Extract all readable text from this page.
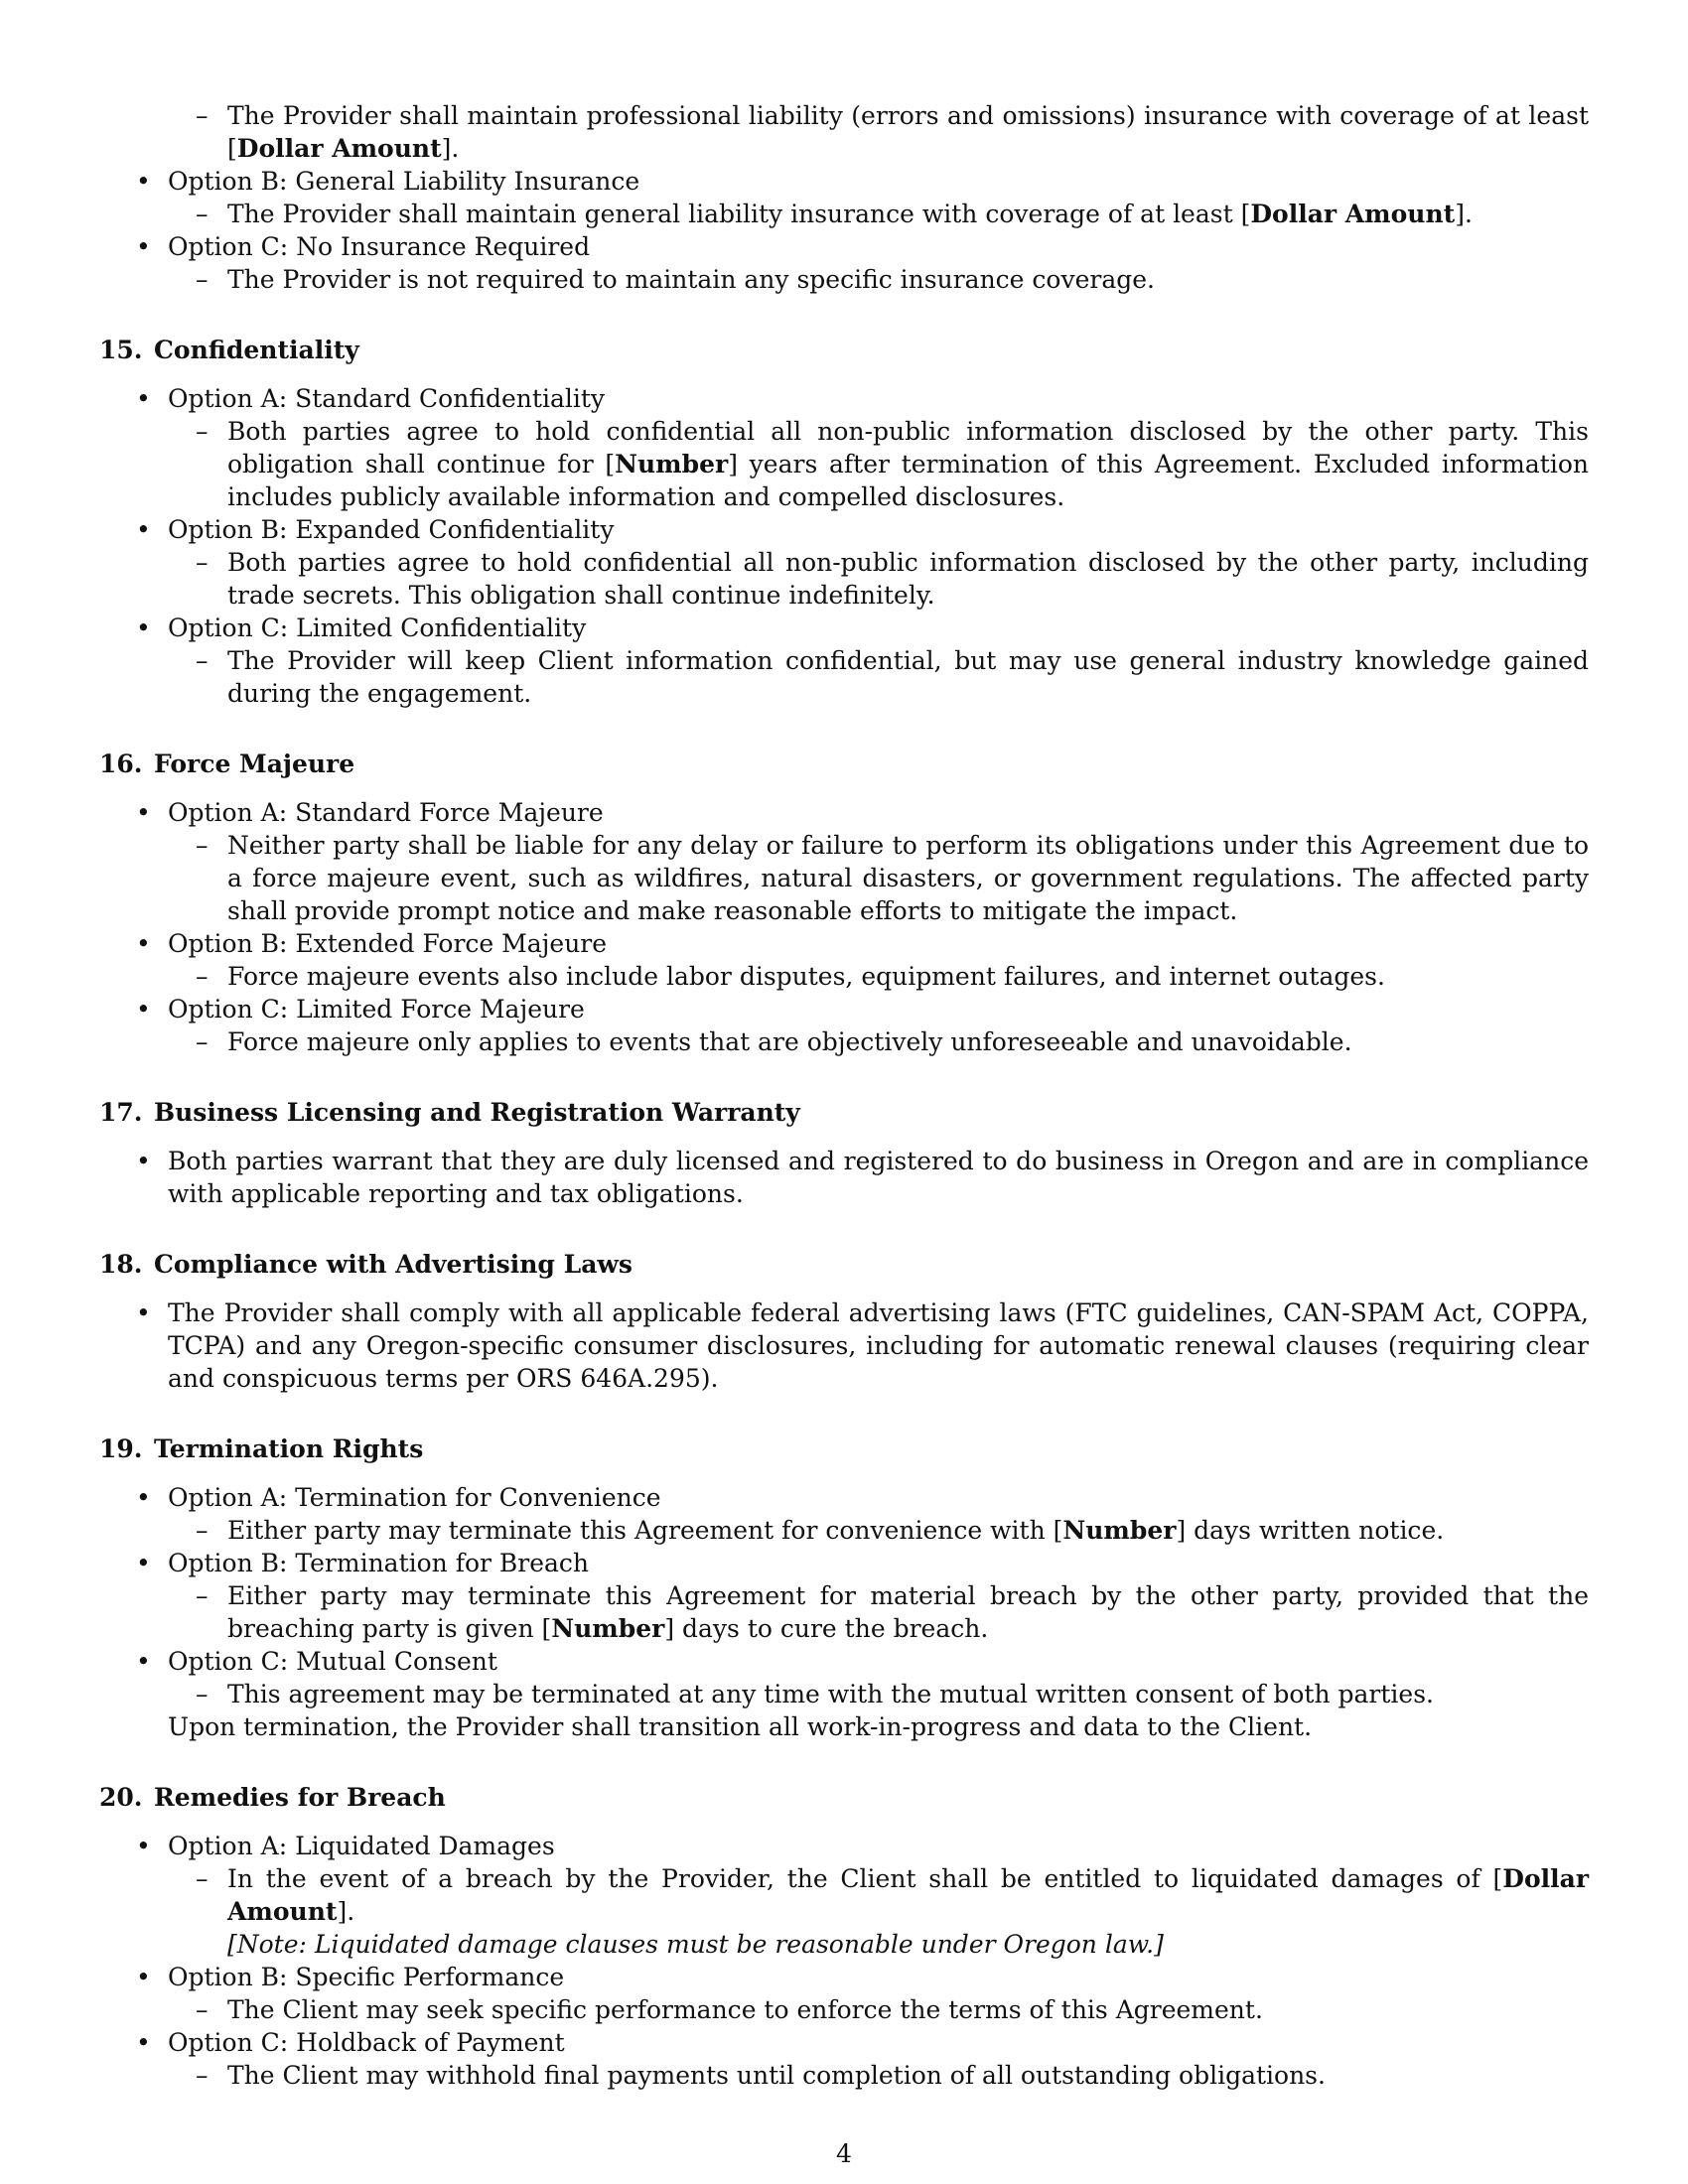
– The Provider shall maintain professional liability (errors and omissions) insurance with coverage of at least [Dollar Amount].
• Option B: General Liability Insurance
– The Provider shall maintain general liability insurance with coverage of at least [Dollar Amount].
• Option C: No Insurance Required
– The Provider is not required to maintain any specific insurance coverage.
15. Confidentiality
• Option A: Standard Confidentiality
– Both parties agree to hold confidential all non-public information disclosed by the other party. This obligation shall continue for [Number] years after termination of this Agreement. Excluded information includes publicly available information and compelled disclosures.
• Option B: Expanded Confidentiality
– Both parties agree to hold confidential all non-public information disclosed by the other party, including trade secrets. This obligation shall continue indefinitely.
• Option C: Limited Confidentiality
– The Provider will keep Client information confidential, but may use general industry knowledge gained during the engagement.
16. Force Majeure
• Option A: Standard Force Majeure
– Neither party shall be liable for any delay or failure to perform its obligations under this Agreement due to a force majeure event, such as wildfires, natural disasters, or government regulations. The affected party shall provide prompt notice and make reasonable efforts to mitigate the impact.
• Option B: Extended Force Majeure
– Force majeure events also include labor disputes, equipment failures, and internet outages.
• Option C: Limited Force Majeure
– Force majeure only applies to events that are objectively unforeseeable and unavoidable.
17. Business Licensing and Registration Warranty
• Both parties warrant that they are duly licensed and registered to do business in Oregon and are in compliance with applicable reporting and tax obligations.
18. Compliance with Advertising Laws
• The Provider shall comply with all applicable federal advertising laws (FTC guidelines, CAN-SPAM Act, COPPA, TCPA) and any Oregon-specific consumer disclosures, including for automatic renewal clauses (requiring clear and conspicuous terms per ORS 646A.295).
19. Termination Rights
• Option A: Termination for Convenience
– Either party may terminate this Agreement for convenience with [Number] days written notice.
• Option B: Termination for Breach
– Either party may terminate this Agreement for material breach by the other party, provided that the breaching party is given [Number] days to cure the breach.
• Option C: Mutual Consent
– This agreement may be terminated at any time with the mutual written consent of both parties.
Upon termination, the Provider shall transition all work-in-progress and data to the Client.
20. Remedies for Breach
• Option A: Liquidated Damages
– In the event of a breach by the Provider, the Client shall be entitled to liquidated damages of [Dollar Amount].
[Note: Liquidated damage clauses must be reasonable under Oregon law.]
• Option B: Specific Performance
– The Client may seek specific performance to enforce the terms of this Agreement.
• Option C: Holdback of Payment
– The Client may withhold final payments until completion of all outstanding obligations.
4
